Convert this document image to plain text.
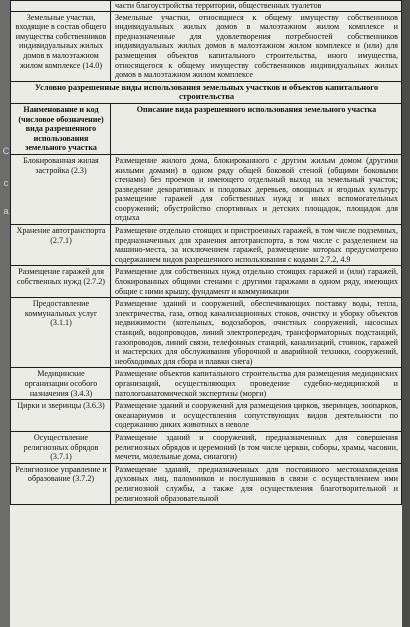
С
с
а
	части благоустройства территории, общественных туалетов
Земельные участки, входящие в состав общего имущества собственников индивидуальных жилых домов в малоэтажном жилом комплексе (14.0)	Земельные участки, относящиеся к общему имуществу собственников индивидуальных жилых домов в малоэтажном жилом комплексе и предназначенные для удовлетворения потребностей собственников индивидуальных жилых домов в малоэтажном жилом комплексе и (или) для размещения объектов капитального строительства, иного имущества, относящегося к общему имуществу собственников индивидуальных жилых домов в малоэтажном жилом комплексе
Условно разрешенные виды использования земельных участков и объектов капитального строительства	
Наименование и код (числовое обозначение) вида разрешенного использования земельного участка	Описание вида разрешенного использования земельного участка
Блокированная жилая застройка (2.3)	Размещение жилого дома, блокированного с другим жилым домом (другими жилыми домами) в одном ряду общей боковой стеной (общими боковыми стенами) без проемов и имеющего отдельный выход на земельный участок; разведение декоративных и плодовых деревьев, овощных и ягодных культур; размещение гаражей для собственных нужд и иных вспомогательных сооружений; обустройство спортивных и детских площадок, площадок для отдыха
Хранение автотранспорта (2.7.1)	Размещение отдельно стоящих и пристроенных гаражей, в том числе подземных, предназначенных для хранения автотранспорта, в том числе с разделением на машино-места, за исключением гаражей, размещение которых предусмотрено содержанием видов разрешенного использования с кодами 2.7.2, 4.9
Размещение гаражей для собственных нужд (2.7.2)	Размещение для собственных нужд отдельно стоящих гаражей и (или) гаражей, блокированных общими стенами с другими гаражами в одном ряду, имеющих общие с ними крышу, фундамент и коммуникации
Предоставление коммунальных услуг (3.1.1)	Размещение зданий и сооружений, обеспечивающих поставку воды, тепла, электричества, газа, отвод канализационных стоков, очистку и уборку объектов недвижимости (котельных, водозаборов, очистных сооружений, насосных станций, водопроводов, линий электропередач, трансформаторных подстанций, газопроводов, линий связи, телефонных станций, канализаций, стоянок, гаражей и мастерских для обслуживания уборочной и аварийной техники, сооружений, необходимых для сбора и плавки снега)
Медицинские организации особого назначения (3.4.3)	Размещение объектов капитального строительства для размещения медицинских организаций, осуществляющих проведение судебно-медицинской и патологоанатомической экспертизы (морги)
Цирки и зверинцы (3.6.3)	Размещение зданий и сооружений для размещения цирков, зверинцев, зоопарков, океанариумов и осуществления сопутствующих видов деятельности по содержанию диких животных в неволе
Осуществление религиозных обрядов (3.7.1)	Размещение зданий и сооружений, предназначенных для совершения религиозных обрядов и церемоний (в том числе церкви, соборы, храмы, часовни, мечети, молельные дома, синагоги)
Религиозное управление и образование (3.7.2)	Размещение зданий, предназначенных для постоянного местонахождения духовных лиц, паломников и послушников в связи с осуществлением ими религиозной службы, а также для осуществления благотворительной и религиозной образовательной
